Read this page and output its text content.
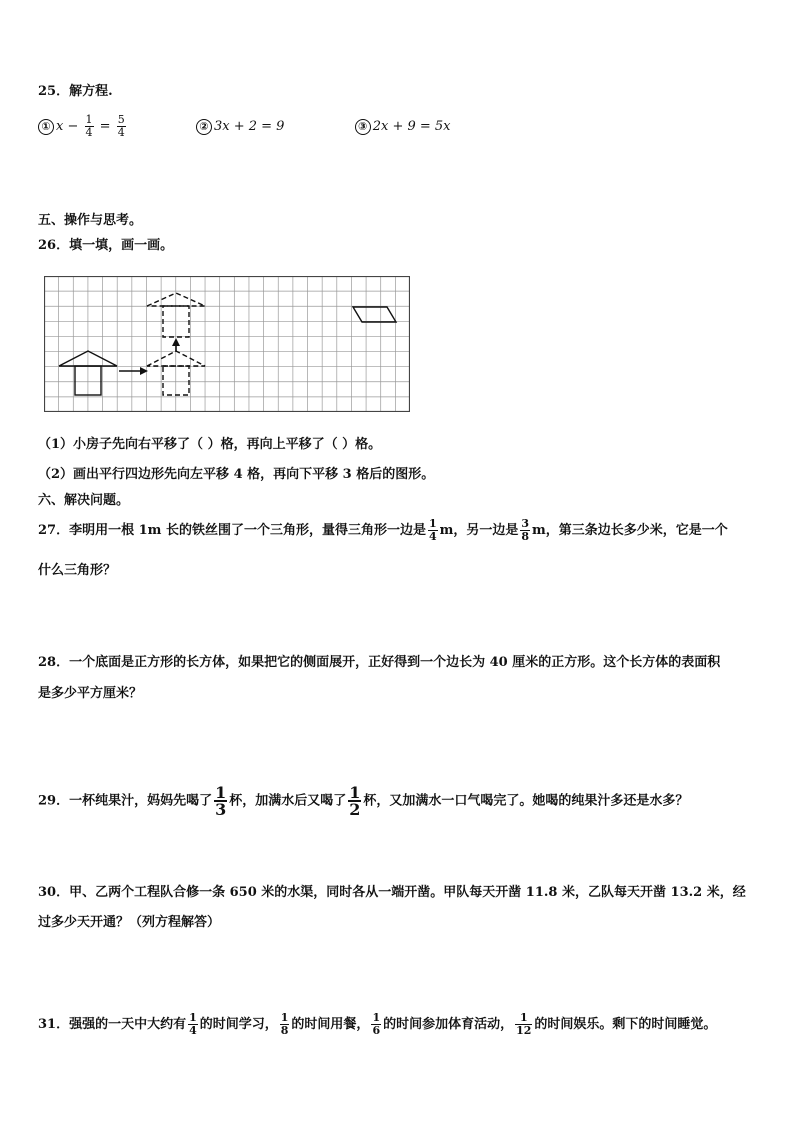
25．解方程.
① $x - \frac{1}{4} = \frac{5}{4}$	② 3x + 2 = 9	③ 2x + 9 = 5x
五、操作与思考。
26．填一填，画一画。
（1）小房子先向右平移了（ ）格，再向上平移了（ ）格。
（2）画出平行四边形先向左平移 4 格，再向下平移 3 格后的图形。
六、解决问题。
27．李明用一根 1m 长的铁丝围了一个三角形，量得三角形一边是 $\frac{1}{4}$ m，另一边是 $\frac{3}{8}$ m，第三条边长多少米，它是一个
什么三角形？
28．一个底面是正方形的长方体，如果把它的侧面展开，正好得到一个边长为 40 厘米的正方形。这个长方体的表面积
是多少平方厘米？
29．一杯纯果汁，妈妈先喝了 $\frac{1}{3}$ 杯，加满水后又喝了 $\frac{1}{2}$ 杯，又加满水一口气喝完了。她喝的纯果汁多还是水多？
30．甲、乙两个工程队合修一条 650 米的水渠，同时各从一端开凿。甲队每天开凿 11.8 米，乙队每天开凿 13.2 米，经
过多少天开通？（列方程解答）
31．强强的一天中大约有 $\frac{1}{4}$ 的时间学习， $\frac{1}{8}$ 的时间用餐， $\frac{1}{6}$ 的时间参加体育活动， $\frac{1}{12}$ 的时间娱乐。剩下的时间睡觉。
